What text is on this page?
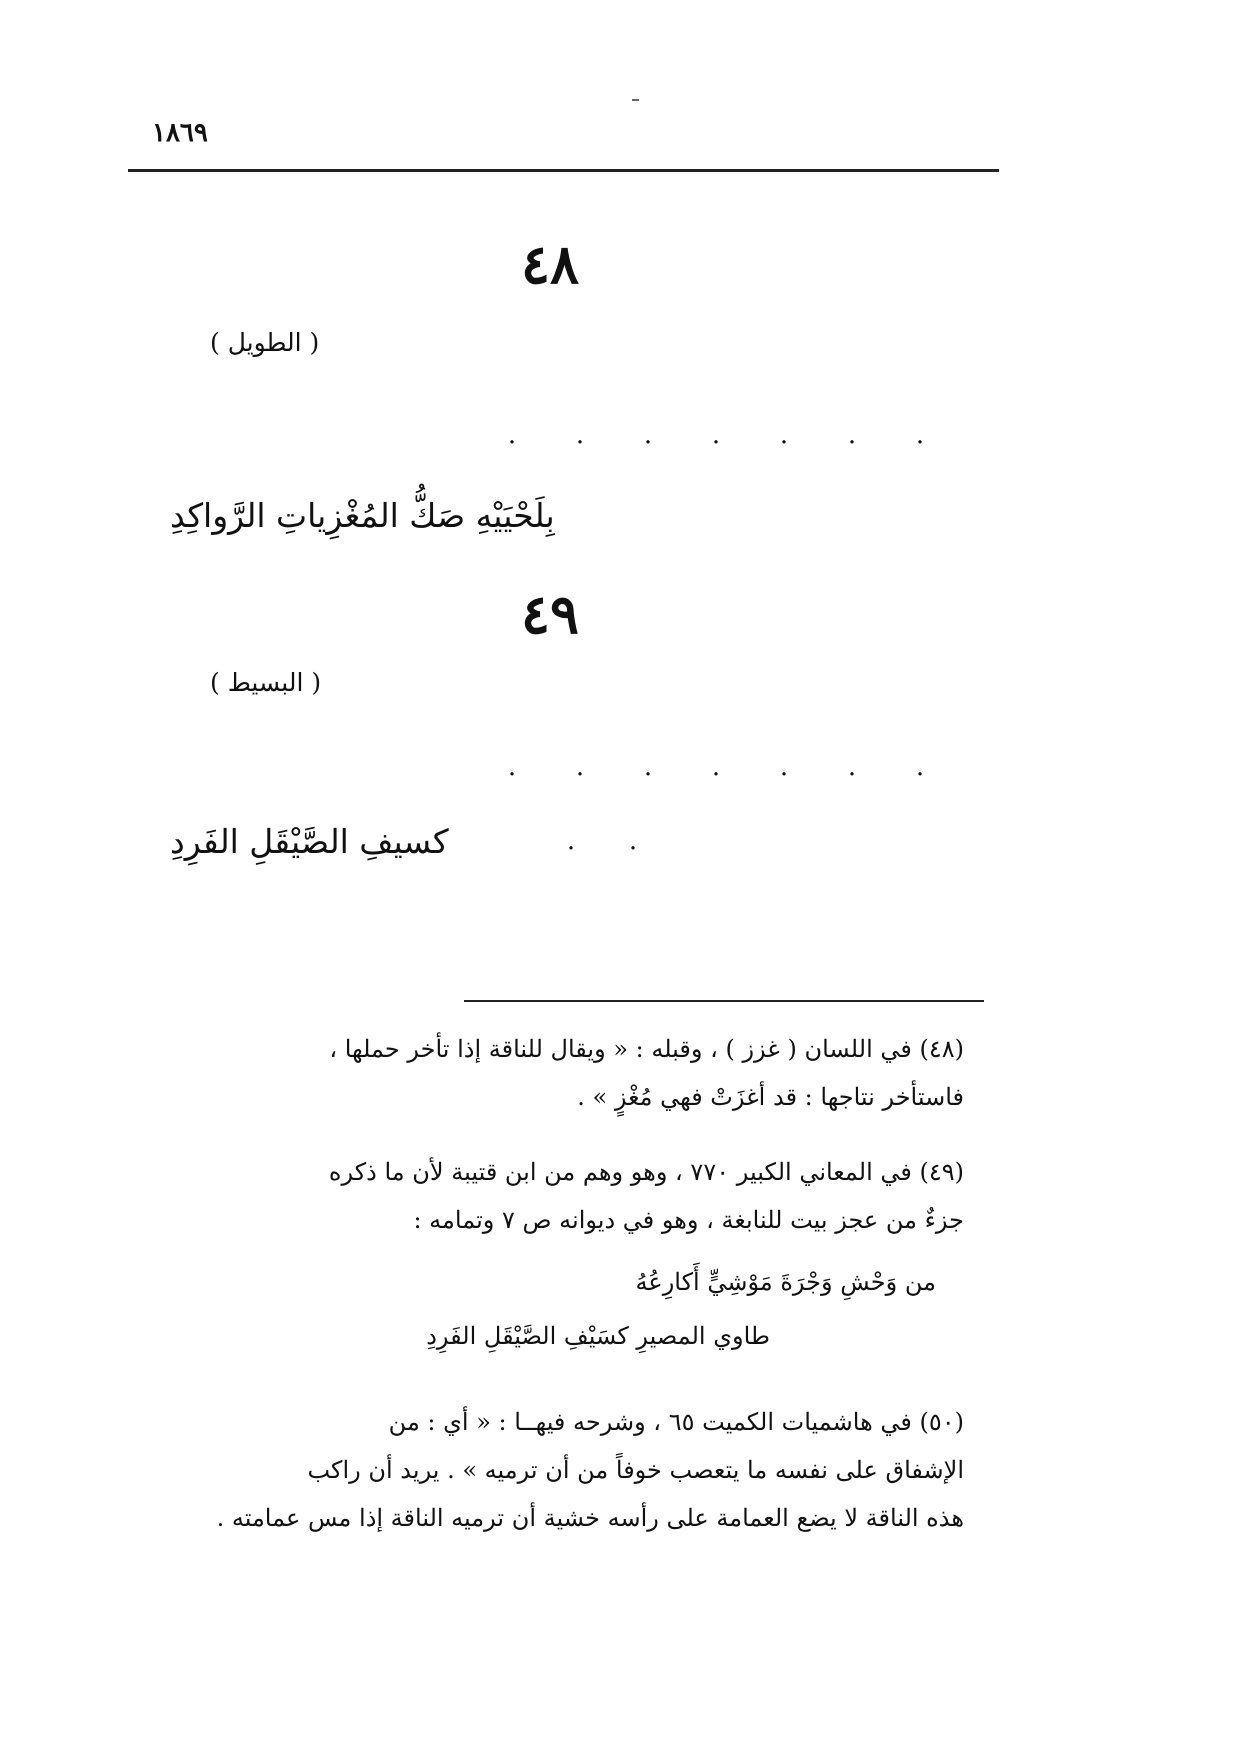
١٨٦٩
٤٨
( الطويل )
. . . . . . .
بِلَحْيَيْهِ صَكُّ المُغْزِياتِ الرَّواكِدِ
٤٩
( البسيط )
. . . . . . .
. .
كسيفِ الصَّيْقَلِ الفَرِدِ

(٤٨) في اللسان ( غزز ) ، وقبله : « ويقال للناقة إذا تأخر حملها ،

فاستأخر نتاجها : قد أغزَتْ فهي مُغْزٍ » .

(٤٩) في المعاني الكبير ٧٧٠ ، وهو وهم من ابن قتيبة لأن ما ذكره

جزءٌ من عجز بيت للنابغة ، وهو في ديوانه ص ٧ وتمامه :

من وَحْشِ وَجْرَةَ مَوْشِيٍّ أَكارِعُهُ
طاوي المصيرِ كسَيْفِ الصَّيْقَلِ الفَرِدِ

(٥٠) في هاشميات الكميت ٦٥ ، وشرحه فيهــا : « أي : من

الإشفاق على نفسه ما يتعصب خوفاً من أن ترميه » . يريد أن راكب

هذه الناقة لا يضع العمامة على رأسه خشية أن ترميه الناقة إذا مس عمامته .
